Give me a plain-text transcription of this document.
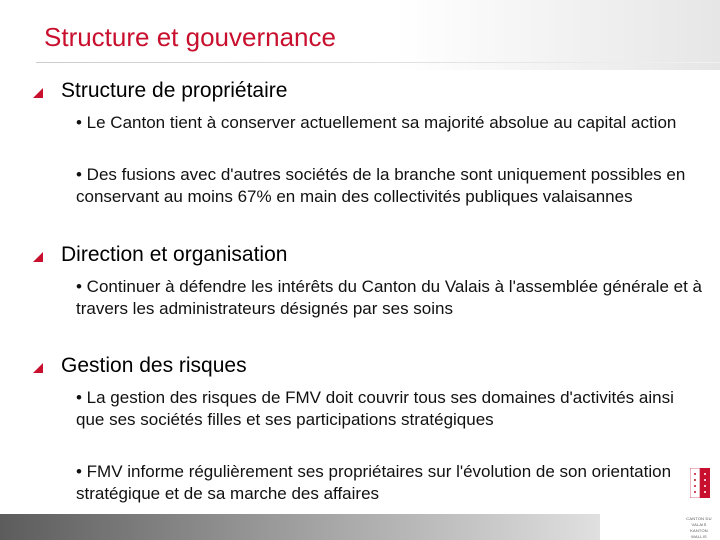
Structure et gouvernance
Structure de propriétaire
• Le Canton tient à conserver actuellement sa majorité absolue au capital action
• Des fusions avec d'autres sociétés de la branche sont uniquement possibles en conservant au moins 67% en main des collectivités publiques valaisannes
Direction et organisation
• Continuer à défendre les intérêts du Canton du Valais à l'assemblée générale et à travers les administrateurs désignés par ses soins
Gestion des risques
• La gestion des risques de FMV doit couvrir tous ses domaines d'activités ainsi que ses sociétés filles et ses participations stratégiques
• FMV informe régulièrement ses propriétaires sur l'évolution de son orientation stratégique et de sa marche des affaires
CANTON DU VALAIS
KANTON WALLIS
